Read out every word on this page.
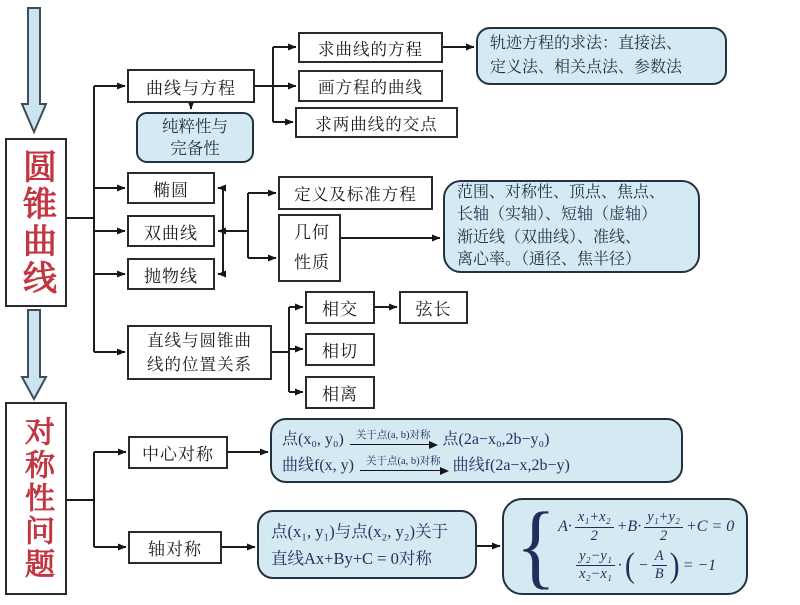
圆锥曲线
对称性问题
曲线与方程
纯粹性与
完备性
求曲线的方程
画方程的曲线
求两曲线的交点
轨迹方程的求法：直接法、
定义法、相关点法、参数法
椭圆
双曲线
抛物线
定义及标准方程
几何
性质
范围、对称性、顶点、焦点、
长轴（实轴）、短轴（虚轴）
渐近线（双曲线）、准线、
离心率。（通径、焦半径）
直线与圆锥曲
线的位置关系
相交
相切
相离
弦长
中心对称
轴对称
点(x₀, y₀)	关于点(a, b)对称 点(2a−x₀,2b−y₀)
曲线f(x, y)	关于点(a, b)对称 曲线f(2a−x,2b−y)
点(x₁, y₁)与点(x₂, y₂)关于
直线Ax+By+C = 0对称 { $A\cdot \frac{\text{x₁+x₂}}{2} +B\cdot \frac{\text{y₁+y₂}}{2} +C = 0$
$\frac{\text{y₂−y₁}}{\text{x₂−x₁}}$ · ( − $\frac{A}{B}$ ) = −1
